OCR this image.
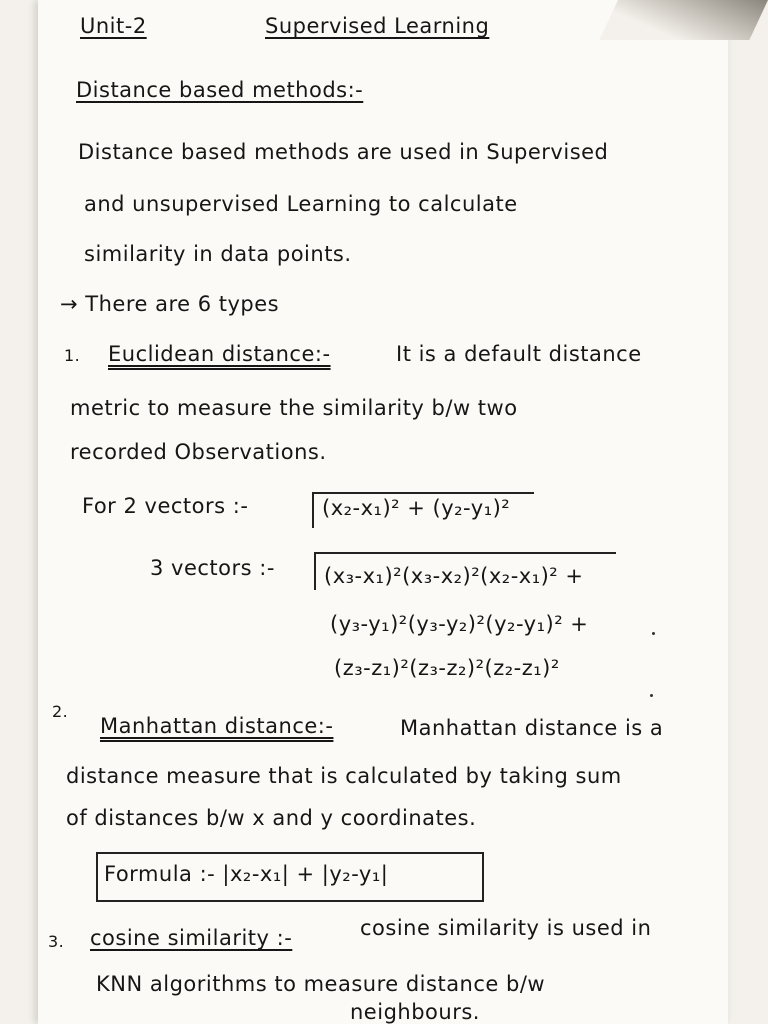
Unit-2	Supervised Learning
Distance based methods:-
Distance based methods are used in Supervised
and unsupervised Learning to calculate
similarity in data points.
→ There are 6 types
1. Euclidean distance:-	It is a default distance
metric to measure the similarity b/w two
recorded Observations.
For 2 vectors :-	(x₂-x₁)² + (y₂-y₁)²
3 vectors :- (x₃-x₁)²(x₃-x₂)²(x₂-x₁)² +
(y₃-y₁)²(y₃-y₂)²(y₂-y₁)² +
(z₃-z₁)²(z₃-z₂)²(z₂-z₁)²
2.
Manhattan distance:-	Manhattan distance is a
distance measure that is calculated by taking sum
of distances b/w x and y coordinates.
Formula :- |x₂-x₁| + |y₂-y₁|
3. cosine similarity :-	cosine similarity is used in
KNN algorithms to measure distance b/w
neighbours.
